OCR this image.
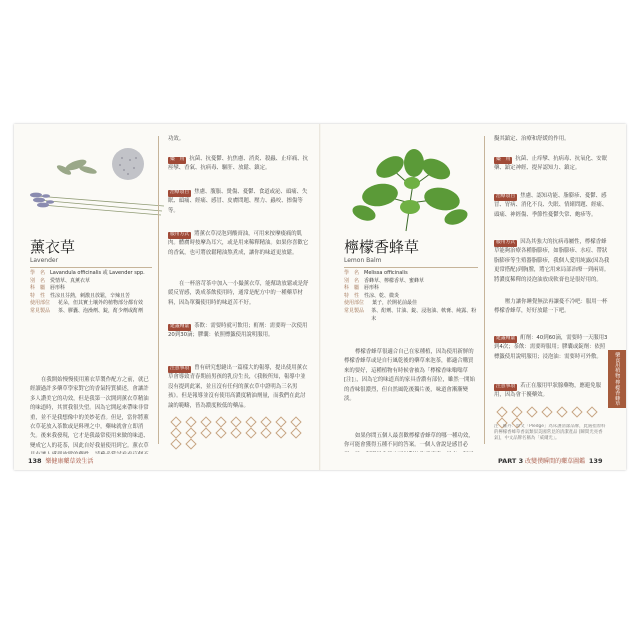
薰衣草
Lavender
學　名 Lavandula officinalis 或 Lavender spp.
別　名 愛情草、真薰衣草
科　屬 唇形科
特　性 性涼且芬熱，刺激且放鬆，辛辣且苦
使用部位	花朵，但其實土壤外的植物部分都有效
常見製品	茶、膠囊、泡澡劑、錠，酊少劑或酊劑

在我開始慢慢使用薰衣草製作配方之前，就已經讀過許多藥草學家對它的香氣特質描述，會讓許多人讚美它的功效，但是我第一次開到薰衣草精油的味道時，其實我很失望。因為它開起來帶味非常重，並不是我想像中的美妙花香。但是，當你將薰衣草花放入茶飲或是料理之中，藥味就會立即消失。後來我發現，它才是我最常使用來做的味道、變成它人的花茶，因此自好我量使用到它。薰衣草

功效。

藥　用 抗菌、抗憂鬱、抗焦慮、消炎、殺蟲、止痒痛、抗痙攣、香氣、抗病毒、驅肝、放鬆、鎮定。

治療項目 焦慮、腹脹、燙傷、憂鬱、食道或泌、頭痛、失眠、頭痛、經痛、感冒、皮膚問題、壓力、蟲咬、擦傷等等。

服用方式 將薰衣草浸泡到酸膏油，可用來按摩痠痛的肌肉。體膚時按摩為耳穴，或是用來稀釋精油。如果你喜歡它的香氣，也可將放鬆精油熬煮成，讓你的味道更放鬆。

在一杯溶苛茶中加入一小撮薰衣草，能幫助放鬆或是舒緩反胃感，裝成茶飲使用時，通常是配方中的一種藥草材料，因為單獨使用時的味道苦不好。

建議劑量 茶飲：需要時就可飲用；酊劑：需要時一次使用20到30滴；膠囊：依照標籤使用說明服用。

注意事項 曾有研究想縫出一篇樣大的報導，提出使用薰衣草會導致青春期前男孩的乳房生長，《我較所知，報導中並沒有提到此案，並且沒有任何的薰衣草中證明為三名男孩》。但是報導並沒有使用高濃度精油劑量，而我們在此討論的範疇，皆為濃度較低的藥品。

138 樂健康藥草效生活
檸檬香蜂草
Lemon Balm
學　名 Melissa officinalis
別　名 香蜂草、檸檬香草、蜜蜂草
科　屬 唇形科
特　性 性涼、乾、微炎
使用部位	葉子，於開花前最佳
常見製品	茶、酊劑、甘油、錠、浸泡油、軟膏、純露、粉末

檸檬香蜂草很適合自己在家種植，因為使用新鮮的檸檬香蜂草或是自行風乾後的藥草來泡茶，都適合購買來的要好，這種植物有時候會被為「檸檬香味嗡嗡草[注]」，因為它的味道真的家具香濃有部位，雖然一開始的香味很濃烈，但自然風乾後獨片後，味道會漸漸變淡。

如果你問五個人最喜歡檸檬香蜂草的哪一種功效，你可能會獲得五種不同的答案。一個人會說是感冒必

擬其鎮定、治療和舒緩的作用。

藥　用 抗菌、止痒攣、抗病毒、抗氧化、安眠藥、鎮定神經、提昇認知力、鎮定。

治療項目 焦慮、認知功能、脂膨疹、憂鬱、感冒、胃病、消化不良、失眠、情緒問題、經痛、頭痛、神經傷、季節性憂鬱失常、皰疹等。

服用方式 因為其強大的抗病毒屬性，檸檬香蜂草能夠治療各種脂膨疹，如脂膨疹、水痘、帶狀脂膨疹等生殖器脂膨疹，我個人愛用純露(因為我更常搭配)到胸膛，將它用來局部治療一到兩周。將濃度稀釋的浸泡油放成軟膏也是很好用的。

壓力讓你睡覺無法再讓憂不冷吧：服用一杯檸檬香蜂草，好好放鬆一下吧。

建議劑量 酊劑：40到60滴，需要時一天服用3到4次；茶飲：需要時服用；膠囊或錠劑：依照標籤使用說明服用；浸泡油：需要時可外敷。

注意事項 若正在服用甲狀腺藥物，應避免服用，因為會干擾藥效。

注　羅丹：原文「Pledge」為床護清潔品牌，此處指原料的檸檬香蜂草香氣類似美國常見的清潔產品 [瞬間光亮香氣]，中文品牌名稱為「威爾光」。
藥食用植物·檸檬香蜂草
PART 3 改變僕瞬間的藥草圖鑑 139
